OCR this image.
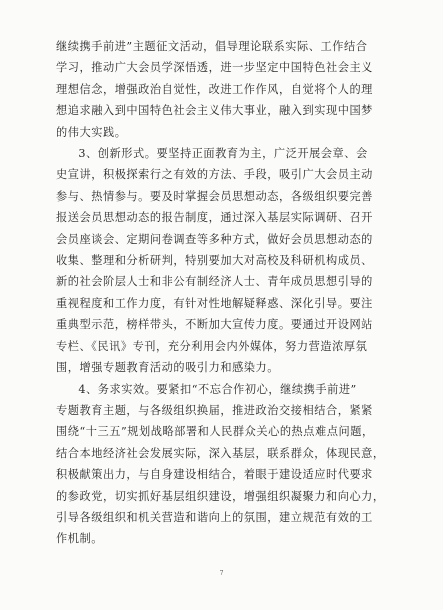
继续携手前进”主题征文活动，倡导理论联系实际、工作结合
学习，推动广大会员学深悟透，进一步坚定中国特色社会主义
理想信念，增强政治自觉性，改进工作作风，自觉将个人的理
想追求融入到中国特色社会主义伟大事业，融入到实现中国梦
的伟大实践。

3、创新形式。要坚持正面教育为主，广泛开展会章、会
史宣讲，积极探索行之有效的方法、手段，吸引广大会员主动
参与、热情参与。要及时掌握会员思想动态，各级组织要完善
报送会员思想动态的报告制度，通过深入基层实际调研、召开
会员座谈会、定期问卷调查等多种方式，做好会员思想动态的
收集、整理和分析研判，特别要加大对高校及科研机构成员、
新的社会阶层人士和非公有制经济人士、青年成员思想引导的
重视程度和工作力度，有针对性地解疑释惑、深化引导。要注
重典型示范，榜样带头，不断加大宣传力度。要通过开设网站
专栏、《民讯》专刊，充分利用会内外媒体，努力营造浓厚氛
围，增强专题教育活动的吸引力和感染力。

4、务求实效。要紧扣“不忘合作初心，继续携手前进”
专题教育主题，与各级组织换届，推进政治交接相结合，紧紧
围绕“十三五”规划战略部署和人民群众关心的热点难点问题，
结合本地经济社会发展实际，深入基层，联系群众，体现民意，
积极献策出力，与自身建设相结合，着眼于建设适应时代要求
的参政党，切实抓好基层组织建设，增强组织凝聚力和向心力，
引导各级组织和机关营造和谐向上的氛围，建立规范有效的工
作机制。

7
